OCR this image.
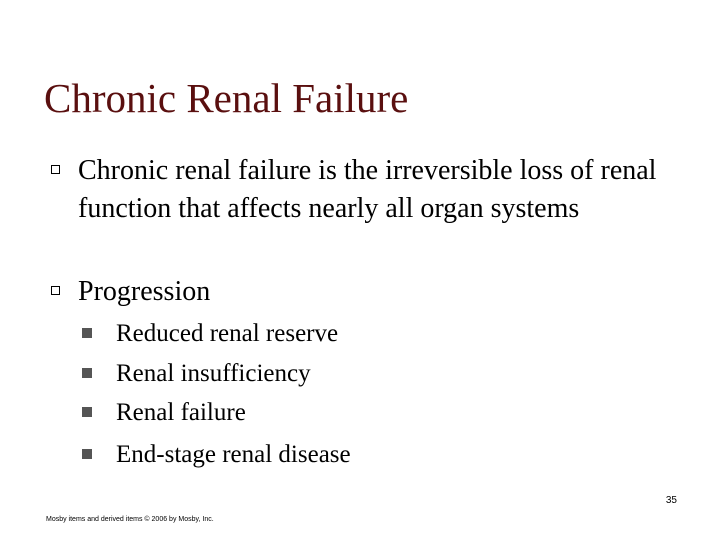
Chronic Renal Failure
Chronic renal failure is the irreversible loss of renal function that affects nearly all organ systems
Progression
Reduced renal reserve
Renal insufficiency
Renal failure
End-stage renal disease
35
Mosby items and derived items © 2006 by Mosby, Inc.
